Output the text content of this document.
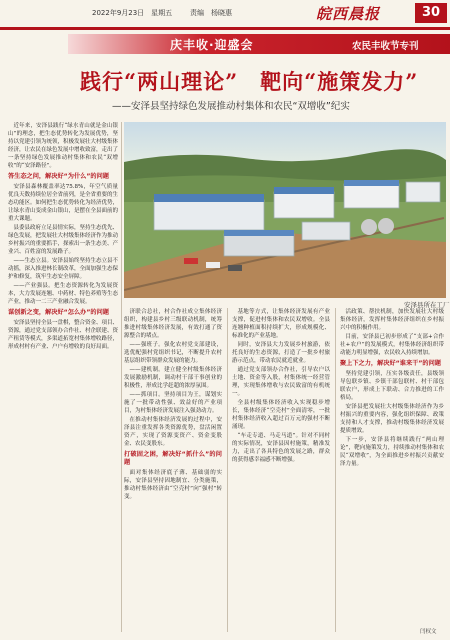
2022年9月23日　星期五	责编　杨晓惠	皖西晨报	30
庆丰收·迎盛会	农民丰收节专刊
践行“两山理论”　靶向“施策发力”
——安泽县坚持绿色发展推动村集体和农民“双增收”纪实
安泽县所在工厂

近年来，安泽县践行“绿水青山就是金山银山”的理念，把生态优势转化为发展优势，坚持以党建引领为统领，积极发展壮大村级集体经济，让农民在绿色发展中增收致富，走出了一条坚持绿色发展推动村集体和农民“双增收”的“安泽路径”。

答生态之问，解决好“为什么”的问题

安泽县森林覆盖率达75.8%，年空气质量优良天数持续位居全省前列，是全省重要的生态功能区。如何把生态优势转化为经济优势，让绿水青山变成金山银山，是摆在全县面前的重大课题。

县委县政府立足县情实际，坚持生态优先、绿色发展，把发展壮大村级集体经济作为推动乡村振兴的重要抓手，探索出一条生态美、产业兴、百姓富的发展路子。

——生态立县。安泽县始终坚持生态立县不动摇，深入推进林长制改革，全面加强生态保护和修复，筑牢生态安全屏障。

——产业强县。把生态资源转化为发展资本，大力发展连翘、中药材、特色养殖等生态产业，推动一二三产业融合发展。

谋创新之变，解决好“怎么办”的问题

安泽县坚持全县一盘棋，整合资金、项目、资源，通过党支部领办合作社、村企联建、资产租赁等模式，多渠道拓宽村集体增收路径，形成村村有产业、户户有增收的良好局面。

济联合总社，村合作社成立集体经济组织，构建县乡村三级联动机制，统筹推进村级集体经济发展，有效打通了资源整合的堵点。

——强班子。强化农村党支部建设，选优配强村党组织书记，不断提升农村基层组织带领群众发展的能力。

——建机制。建立健全村级集体经济发展激励机制，调动村干部干事创业的积极性，形成比学赶超的浓厚氛围。

——抓项目。坚持项目为王，谋划实施了一批带动性强、效益好的产业项目，为村集体经济发展注入强劲动力。

在推动村集体经济发展的过程中，安泽县注重发挥各类资源优势，盘活闲置资产，实现了资源变资产、资金变股金、农民变股东。

打破固之困，解决好“抓什么”的问题

面对集体经济底子薄、基础弱的实际，安泽县坚持因地制宜、分类施策，推动村集体经济由“空壳村”向“强村”转变。

基地等方式，让集体经济发展有产业支撑，促进村集体和农民双增收。全县连翘种植面积持续扩大，形成规模化、标准化的产业基地。

同时，安泽县大力发展乡村旅游，依托良好的生态资源，打造了一批乡村旅游示范点，带动农民就近就业。

通过党支部领办合作社，引导农户以土地、资金等入股，村集体统一经营管理，实现集体增收与农民致富的有机统一。

全县村级集体经济收入实现稳步增长，集体经济“空壳村”全面清零，一批村集体经济收入超过百万元的强村不断涌现。

“车走专道、马走马道”。针对不同村的实际情况，安泽县因村施策，精准发力，走出了各具特色的发展之路，群众的获得感幸福感不断增强。

活政策、帮扶机制，加快发展壮大村级集体经济，发挥村集体经济组织在乡村振兴中的积极作用。

目前，安泽县已初步形成了“支部+合作社+农户”的发展模式，村集体经济组织带动能力明显增强，农民收入持续增加。

聚上下之力，解决好“谁来干”的问题

坚持党建引领，压实各级责任，县级领导包联乡镇、乡镇干部包联村、村干部包联农户，形成上下联动、合力推进的工作格局。

安泽县把发展壮大村级集体经济作为乡村振兴的重要内容，强化组织保障、政策支持和人才支撑，推动村级集体经济发展提质增效。

下一步，安泽县将继续践行“两山理论”，靶向施策发力，持续推动村集体和农民“双增收”，为全面推进乡村振兴贡献安泽力量。

闫权文
